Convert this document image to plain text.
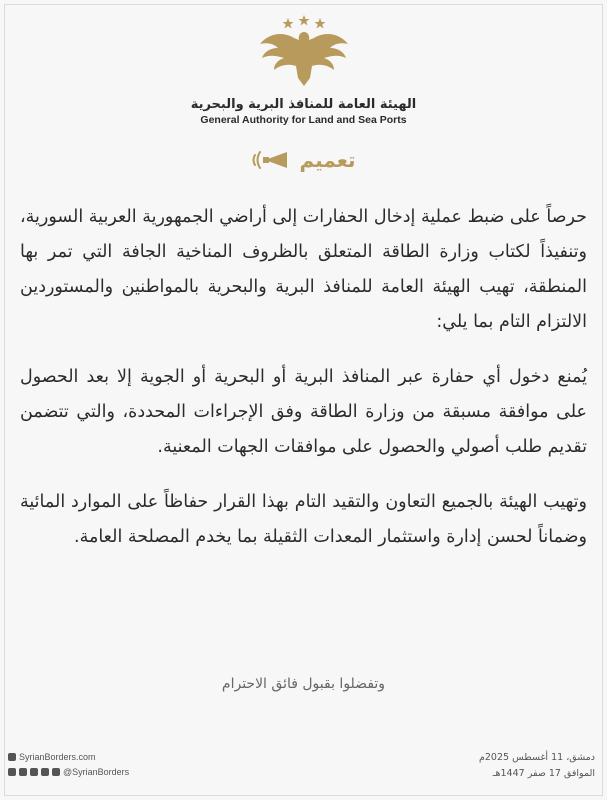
الهيئة العامة للمنافذ البرية والبحرية
General Authority for Land and Sea Ports
تعميم

حرصاً على ضبط عملية إدخال الحفارات إلى أراضي الجمهورية العربية السورية، وتنفيذاً لكتاب وزارة الطاقة المتعلق بالظروف المناخية الجافة التي تمر بها المنطقة، تهيب الهيئة العامة للمنافذ البرية والبحرية بالمواطنين والمستوردين الالتزام التام بما يلي:

يُمنع دخول أي حفارة عبر المنافذ البرية أو البحرية أو الجوية إلا بعد الحصول على موافقة مسبقة من وزارة الطاقة وفق الإجراءات المحددة، والتي تتضمن تقديم طلب أصولي والحصول على موافقات الجهات المعنية.

وتهيب الهيئة بالجميع التعاون والتقيد التام بهذا القرار حفاظاً على الموارد المائية وضماناً لحسن إدارة واستثمار المعدات الثقيلة بما يخدم المصلحة العامة.

وتفضلوا بقبول فائق الاحترام
SyrianBorders.com
@SyrianBorders
دمشق، 11 أغسطس 2025م
الموافق 17 صفر 1447هـ
